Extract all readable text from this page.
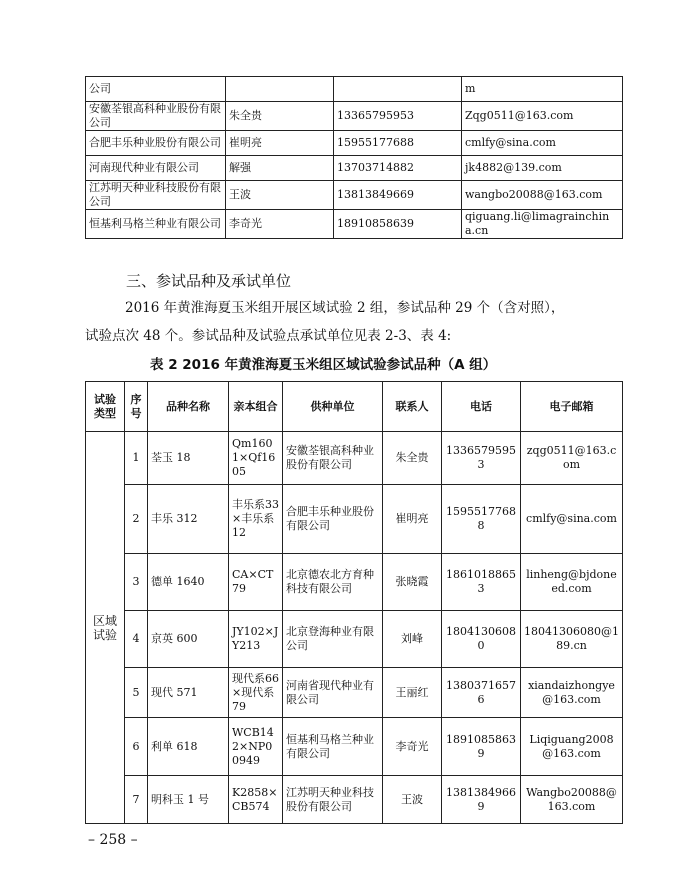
公司			m
安徽荃银高科种业股份有限公司	朱全贵	13365795953	Zqg0511@163.com
合肥丰乐种业股份有限公司	崔明亮	15955177688	cmlfy@sina.com
河南现代种业有限公司	解强	13703714882	jk4882@139.com
江苏明天种业科技股份有限公司	王波	13813849669	wangbo20088@163.com
恒基利马格兰种业有限公司	李奇光	18910858639	qiguang.li@limagrainchina.cn
三、参试品种及承试单位
2016 年黄淮海夏玉米组开展区域试验 2 组，参试品种 29 个（含对照），
试验点次 48 个。参试品种及试验点承试单位见表 2-3、表 4:
表 2 2016 年黄淮海夏玉米组区域试验参试品种（A 组）
试验类型	序号	品种名称	亲本组合	供种单位	联系人	电话	电子邮箱
区域试验	1	荃玉 18	Qm1601×Qf1605	安徽荃银高科种业股份有限公司	朱全贵	13365795953	zqg0511@163.com
	2	丰乐 312	丰乐系33×丰乐系 12	合肥丰乐种业股份有限公司	崔明亮	15955177688	cmlfy@sina.com
	3	德单 1640	CA×CT79	北京德农北方育种科技有限公司	张晓霞	18610188653	linheng@bjdoneed.com
	4	京英 600	JY102×JY213	北京登海种业有限公司	刘峰	18041306080	18041306080@189.cn
	5	现代 571	现代系66×现代系 79	河南省现代种业有限公司	王丽红	13803716576	xiandaizhongye@163.com
	6	利单 618	WCB142×NP00949	恒基利马格兰种业有限公司	李奇光	18910858639	Liqiguang2008@163.com
	7	明科玉 1 号	K2858×CB574	江苏明天种业科技股份有限公司	王波	13813849669	Wangbo20088@163.com
– 258 –
